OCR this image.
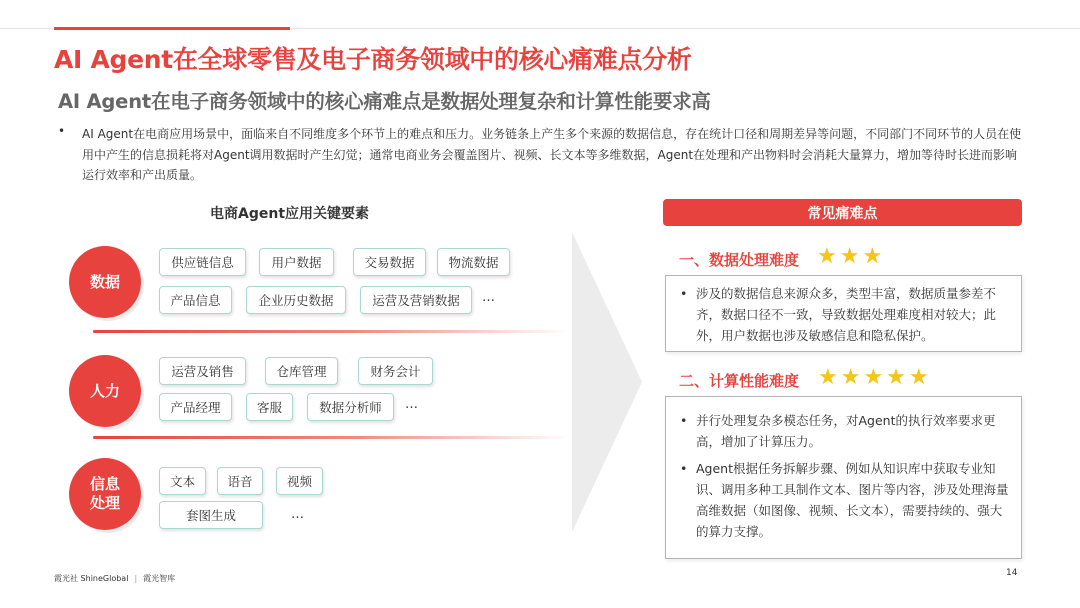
AI Agent在全球零售及电子商务领域中的核心痛难点分析
AI Agent在电子商务领域中的核心痛难点是数据处理复杂和计算性能要求高
• AI Agent在电商应用场景中，面临来自不同维度多个环节上的难点和压力。业务链条上产生多个来源的数据信息，存在统计口径和周期差异等问题，不同部门不同环节的人员在使用中产生的信息损耗将对Agent调用数据时产生幻觉；通常电商业务会覆盖图片、视频、长文本等多维数据，Agent在处理和产出物料时会消耗大量算力，增加等待时长进而影响运行效率和产出质量。

电商Agent应用关键要素
数据
供应链信息	用户数据	交易数据	物流数据
产品信息	企业历史数据	运营及营销数据	…
人力
运营及销售	仓库管理	财务会计
产品经理	客服	数据分析师	…
信息
处理
文本	语音	视频
套图生成	…
常见痛难点
一、数据处理难度 ★★★
• 涉及的数据信息来源众多，类型丰富，数据质量参差不齐，数据口径不一致，导致数据处理难度相对较大；此外，用户数据也涉及敏感信息和隐私保护。
二、计算性能难度 ★★★★★
• 并行处理复杂多模态任务，对Agent的执行效率要求更高，增加了计算压力。
• Agent根据任务拆解步骤、例如从知识库中获取专业知识、调用多种工具制作文本、图片等内容，涉及处理海量高维数据（如图像、视频、长文本），需要持续的、强大的算力支撑。
霞光社 ShineGlobal | 霞光智库
14
